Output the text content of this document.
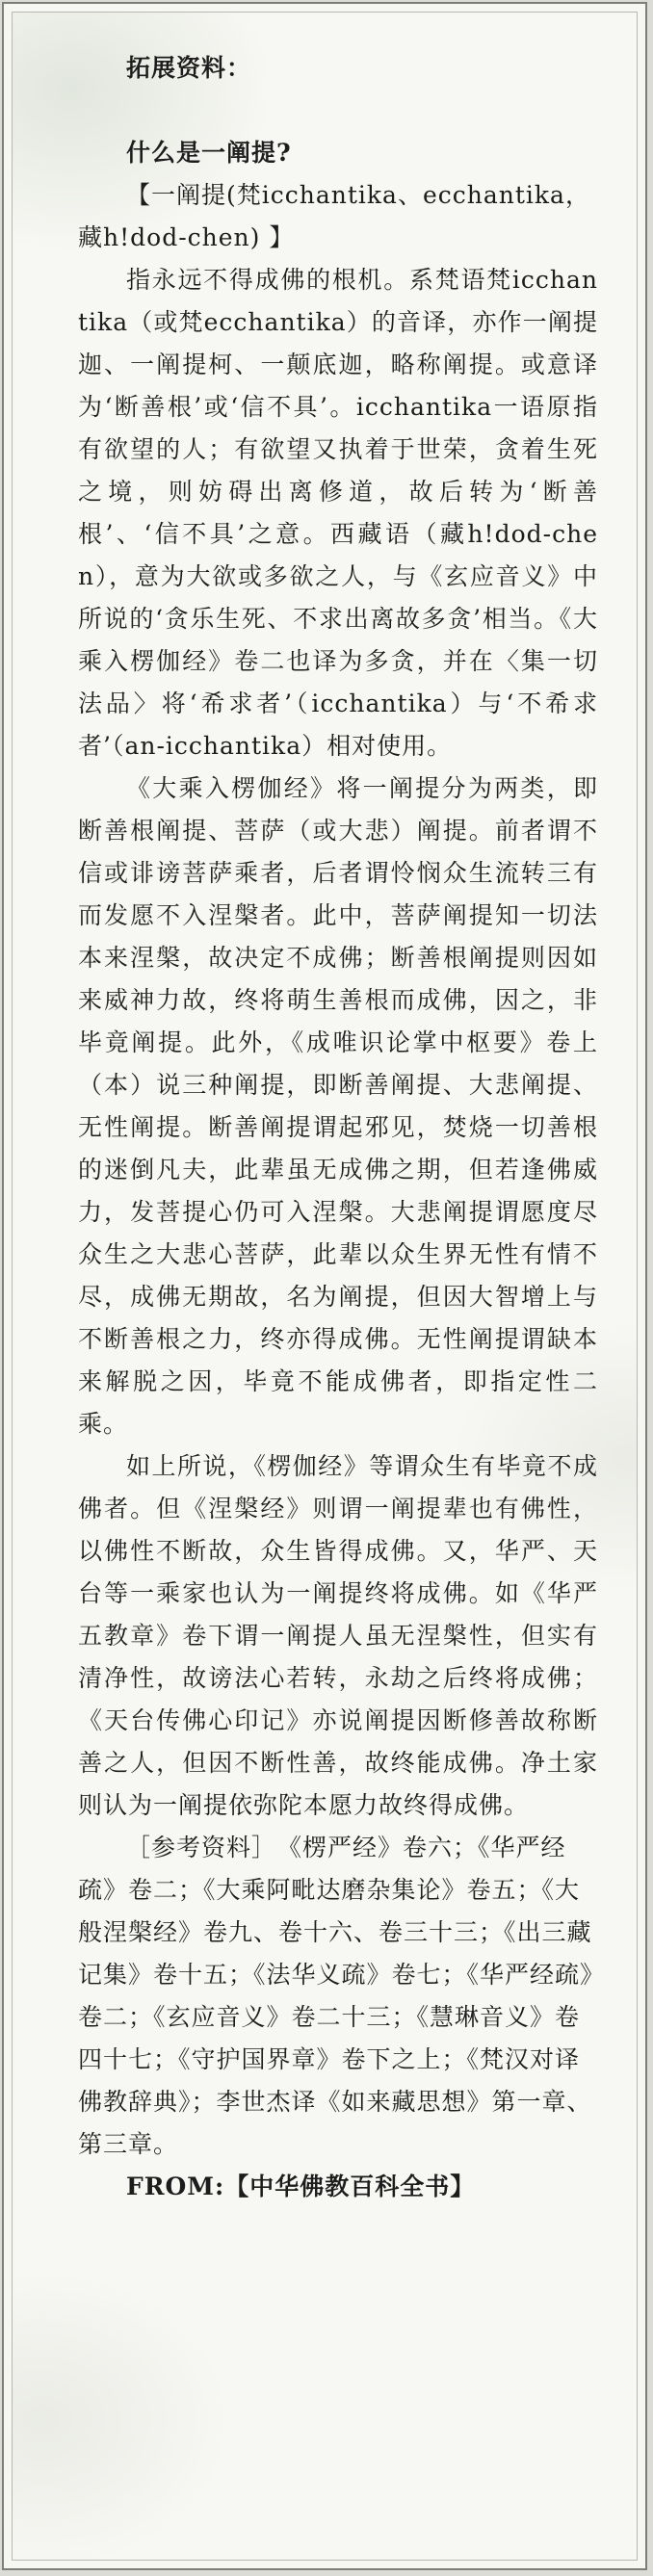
拓展资料：

什么是一阐提?

【一阐提(梵icchantika、ecchantika，藏h!dod-chen) 】

指永远不得成佛的根机。系梵语梵icchantika（或梵ecchantika）的音译，亦作一阐提迦、一阐提柯、一颠底迦，略称阐提。或意译为‘断善根’或‘信不具’。icchantika一语原指有欲望的人；有欲望又执着于世荣，贪着生死之境，则妨碍出离修道，故后转为‘断善根’、‘信不具’之意。西藏语（藏h!dod-chen），意为大欲或多欲之人，与《玄应音义》中所说的‘贪乐生死、不求出离故多贪’相当。《大乘入楞伽经》卷二也译为多贪，并在〈集一切法品〉将‘希求者’（icchantika）与‘不希求者’（an-icchantika）相对使用。

《大乘入楞伽经》将一阐提分为两类，即断善根阐提、菩萨（或大悲）阐提。前者谓不信或诽谤菩萨乘者，后者谓怜悯众生流转三有而发愿不入涅槃者。此中，菩萨阐提知一切法本来涅槃，故决定不成佛；断善根阐提则因如来威神力故，终将萌生善根而成佛，因之，非毕竟阐提。此外，《成唯识论掌中枢要》卷上（本）说三种阐提，即断善阐提、大悲阐提、无性阐提。断善阐提谓起邪见，焚烧一切善根的迷倒凡夫，此辈虽无成佛之期，但若逢佛威力，发菩提心仍可入涅槃。大悲阐提谓愿度尽众生之大悲心菩萨，此辈以众生界无性有情不尽，成佛无期故，名为阐提，但因大智增上与不断善根之力，终亦得成佛。无性阐提谓缺本来解脱之因，毕竟不能成佛者，即指定性二乘。

如上所说，《楞伽经》等谓众生有毕竟不成佛者。但《涅槃经》则谓一阐提辈也有佛性，以佛性不断故，众生皆得成佛。又，华严、天台等一乘家也认为一阐提终将成佛。如《华严五教章》卷下谓一阐提人虽无涅槃性，但实有清净性，故谤法心若转，永劫之后终将成佛；《天台传佛心印记》亦说阐提因断修善故称断善之人，但因不断性善，故终能成佛。净土家则认为一阐提依弥陀本愿力故终得成佛。

［参考资料］　《楞严经》卷六；《华严经疏》卷二；《大乘阿毗达磨杂集论》卷五；《大般涅槃经》卷九、卷十六、卷三十三；《出三藏记集》卷十五；《法华义疏》卷七；《华严经疏》卷二；《玄应音义》卷二十三；《慧琳音义》卷四十七；《守护国界章》卷下之上；《梵汉对译佛教辞典》；李世杰译《如来藏思想》第一章、第三章。

FROM:【中华佛教百科全书】
